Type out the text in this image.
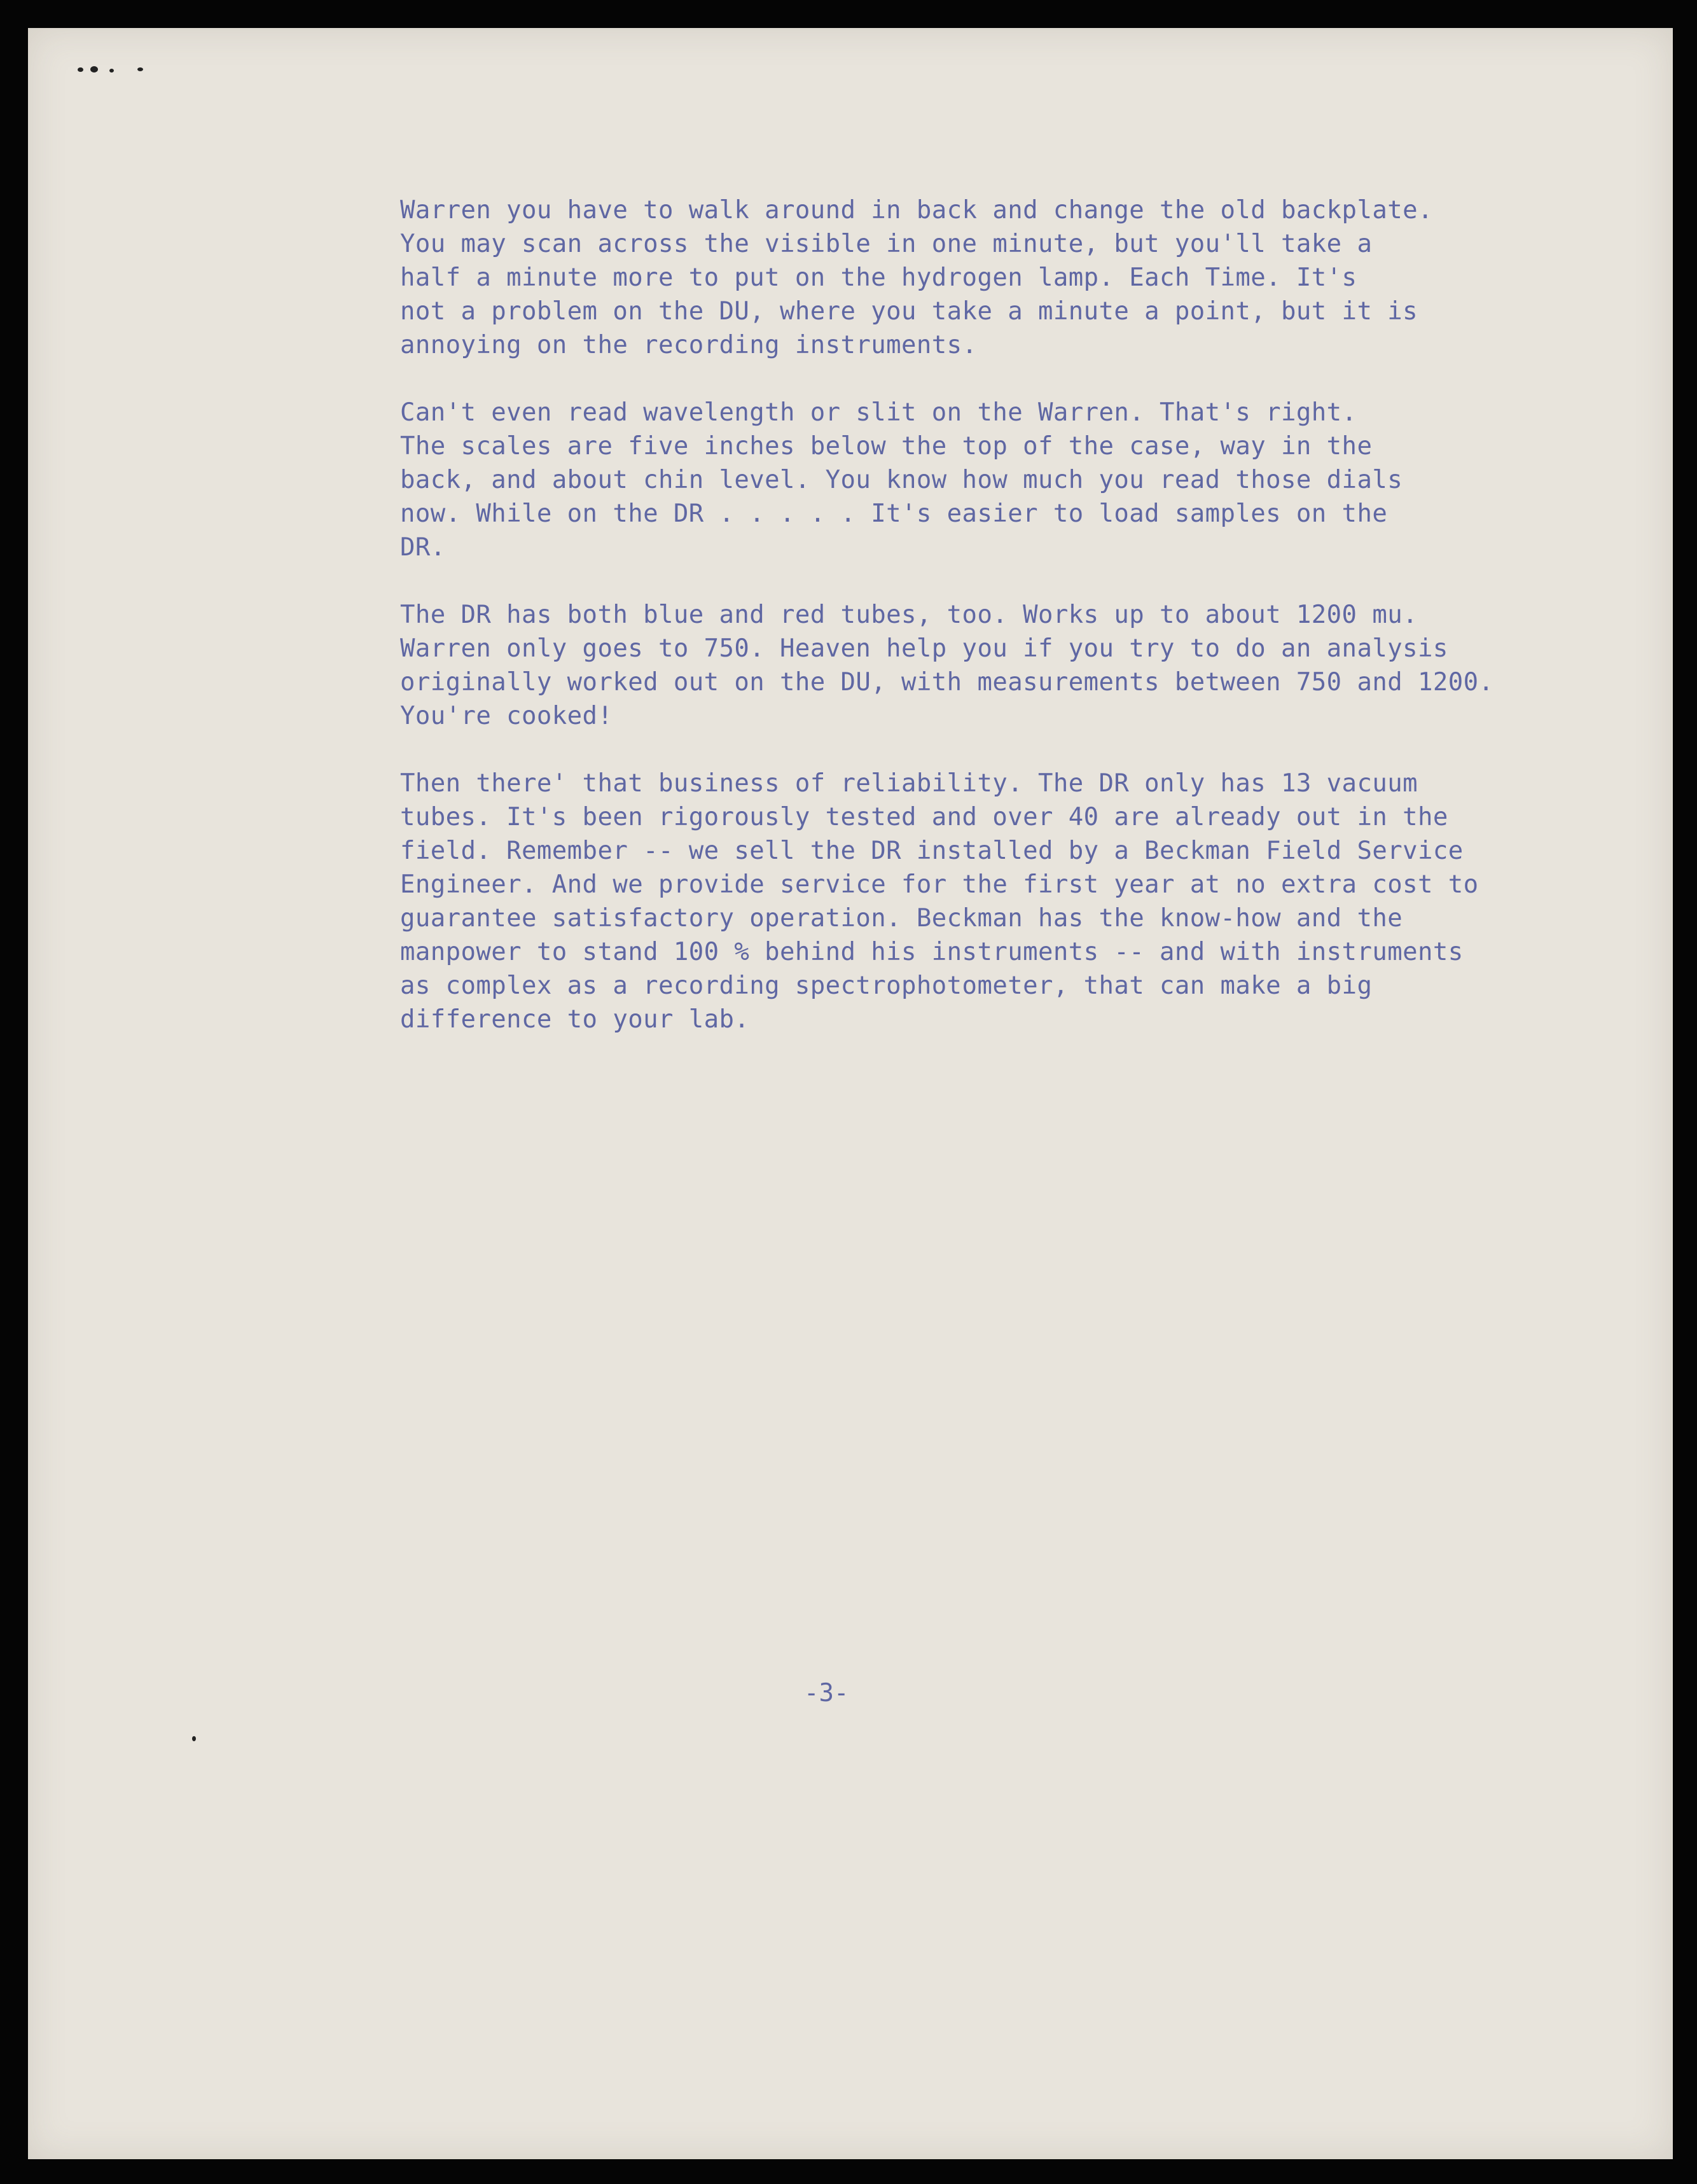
Warren you have to walk around in back and change the old backplate.
You may scan across the visible in one minute, but you'll take a
half a minute more to put on the hydrogen lamp. Each Time. It's
not a problem on the DU, where you take a minute a point, but it is
annoying on the recording instruments.
Can't even read wavelength or slit on the Warren. That's right.
The scales are five inches below the top of the case, way in the
back, and about chin level. You know how much you read those dials
now. While on the DR . . . . . It's easier to load samples on the
DR.
The DR has both blue and red tubes, too. Works up to about 1200 mu.
Warren only goes to 750. Heaven help you if you try to do an analysis
originally worked out on the DU, with measurements between 750 and 1200.
You're cooked!
Then there' that business of reliability. The DR only has 13 vacuum
tubes. It's been rigorously tested and over 40 are already out in the
field. Remember -- we sell the DR installed by a Beckman Field Service
Engineer. And we provide service for the first year at no extra cost to
guarantee satisfactory operation. Beckman has the know-how and the
manpower to stand 100 % behind his instruments -- and with instruments
as complex as a recording spectrophotometer, that can make a big
difference to your lab.
-3-
